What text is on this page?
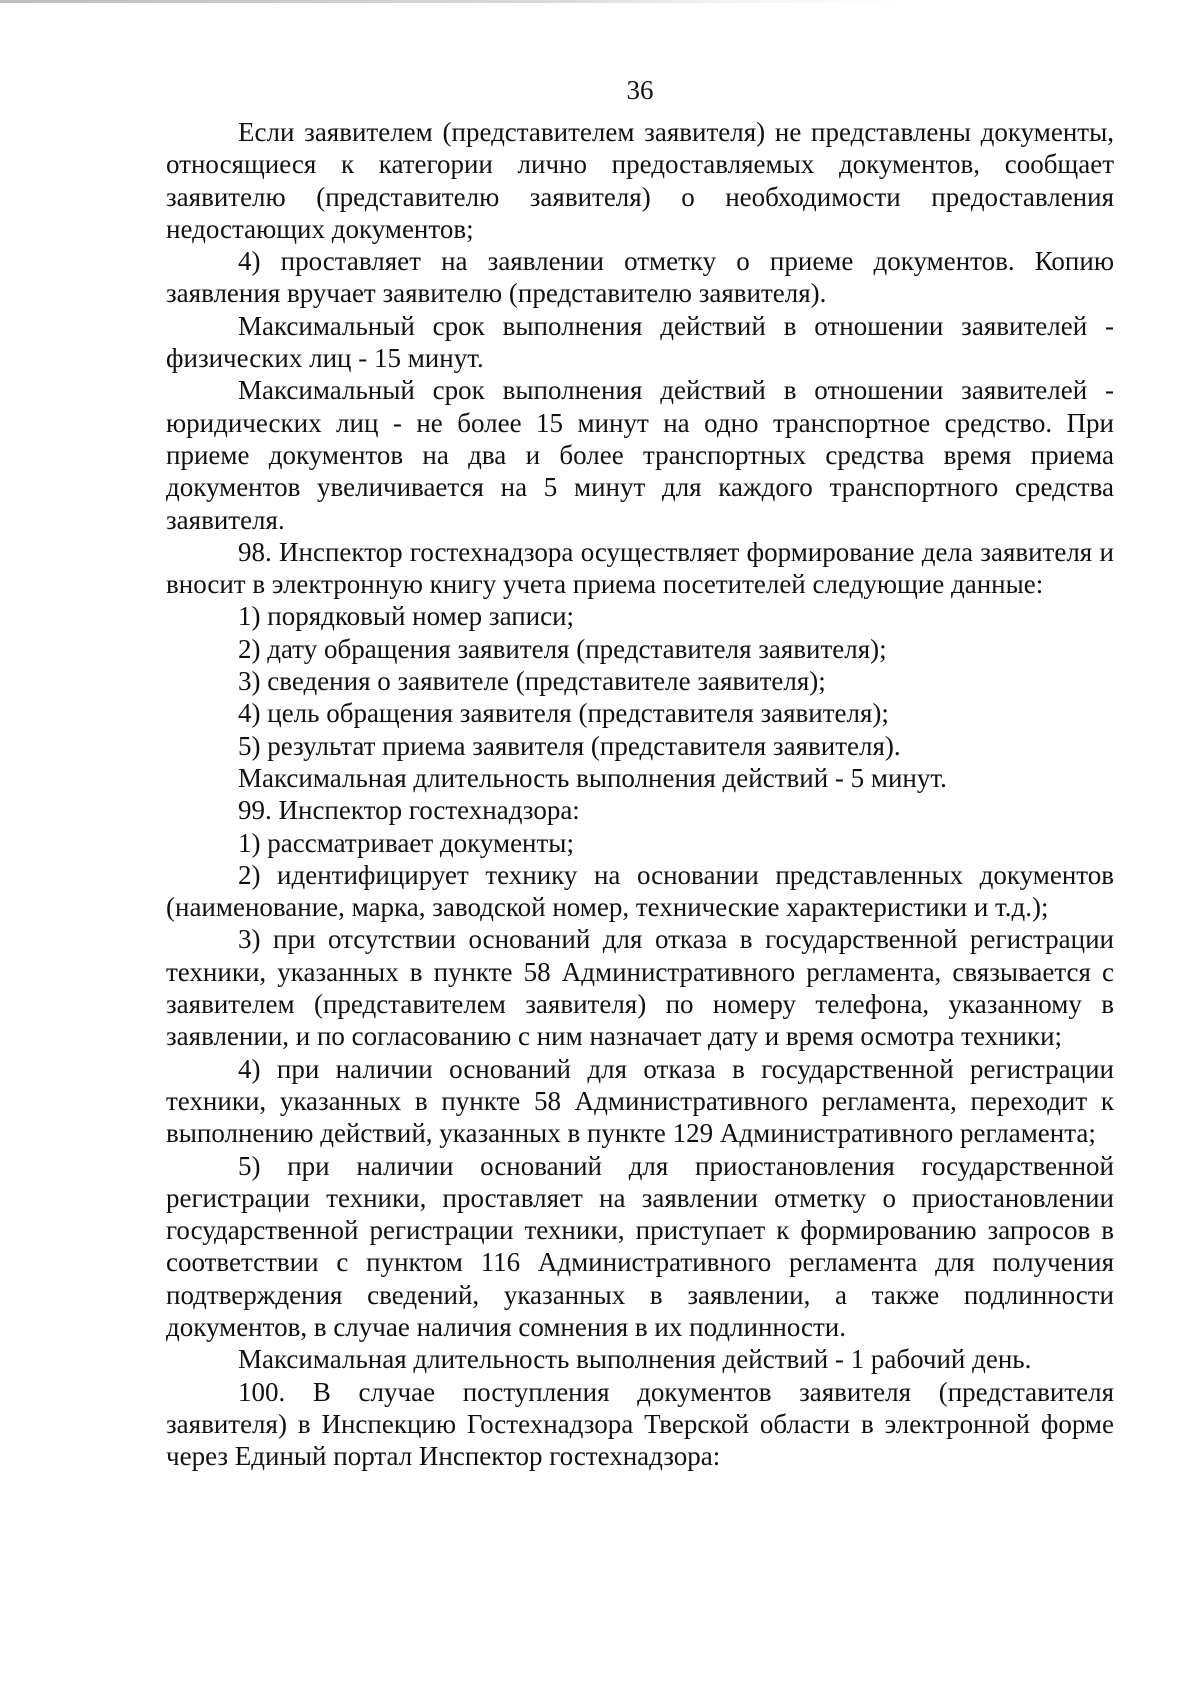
36

Если заявителем (представителем заявителя) не представлены документы, относящиеся к категории лично предоставляемых документов, сообщает заявителю (представителю заявителя) о необходимости предоставления недостающих документов;

4) проставляет на заявлении отметку о приеме документов. Копию заявления вручает заявителю (представителю заявителя).

Максимальный срок выполнения действий в отношении заявителей - физических лиц - 15 минут.

Максимальный срок выполнения действий в отношении заявителей - юридических лиц - не более 15 минут на одно транспортное средство. При приеме документов на два и более транспортных средства время приема документов увеличивается на 5 минут для каждого транспортного средства заявителя.

98. Инспектор гостехнадзора осуществляет формирование дела заявителя и вносит в электронную книгу учета приема посетителей следующие данные:

1) порядковый номер записи;

2) дату обращения заявителя (представителя заявителя);

3) сведения о заявителе (представителе заявителя);

4) цель обращения заявителя (представителя заявителя);

5) результат приема заявителя (представителя заявителя).

Максимальная длительность выполнения действий - 5 минут.

99. Инспектор гостехнадзора:

1) рассматривает документы;

2) идентифицирует технику на основании представленных документов (наименование, марка, заводской номер, технические характеристики и т.д.);

3) при отсутствии оснований для отказа в государственной регистрации техники, указанных в пункте 58 Административного регламента, связывается с заявителем (представителем заявителя) по номеру телефона, указанному в заявлении, и по согласованию с ним назначает дату и время осмотра техники;

4) при наличии оснований для отказа в государственной регистрации техники, указанных в пункте 58 Административного регламента, переходит к выполнению действий, указанных в пункте 129 Административного регламента;

5) при наличии оснований для приостановления государственной регистрации техники, проставляет на заявлении отметку о приостановлении государственной регистрации техники, приступает к формированию запросов в соответствии с пунктом 116 Административного регламента для получения подтверждения сведений, указанных в заявлении, а также подлинности документов, в случае наличия сомнения в их подлинности.

Максимальная длительность выполнения действий - 1 рабочий день.

100. В случае поступления документов заявителя (представителя заявителя) в Инспекцию Гостехнадзора Тверской области в электронной форме через Единый портал Инспектор гостехнадзора:
